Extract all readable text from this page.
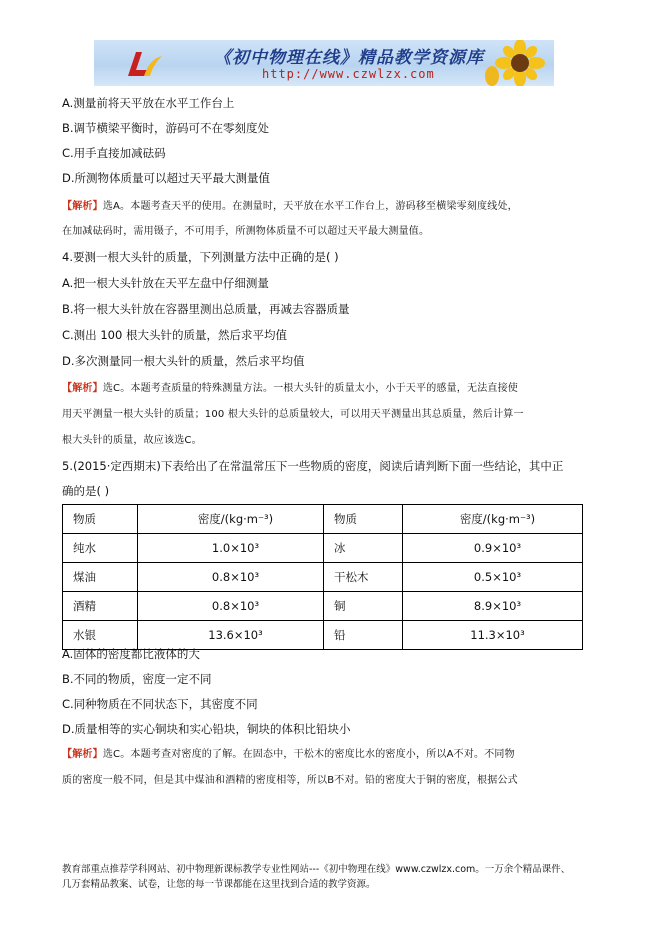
《初中物理在线》精品教学资源库
http://www.czwlzx.com
A.测量前将天平放在水平工作台上
B.调节横梁平衡时，游码可不在零刻度处
C.用手直接加减砝码
D.所测物体质量可以超过天平最大测量值
【解析】选A。本题考查天平的使用。在测量时，天平放在水平工作台上，游码移至横梁零刻度线处，
在加减砝码时，需用镊子，不可用手，所测物体质量不可以超过天平最大测量值。
4.要测一根大头针的质量，下列测量方法中正确的是( )
A.把一根大头针放在天平左盘中仔细测量
B.将一根大头针放在容器里测出总质量，再减去容器质量
C.测出 100 根大头针的质量，然后求平均值
D.多次测量同一根大头针的质量，然后求平均值
【解析】选C。本题考查质量的特殊测量方法。一根大头针的质量太小，小于天平的感量，无法直接使
用天平测量一根大头针的质量；100 根大头针的总质量较大，可以用天平测量出其总质量，然后计算一
根大头针的质量，故应该选C。
5.(2015·定西期末)下表给出了在常温常压下一些物质的密度，阅读后请判断下面一些结论，其中正
确的是( )
物质	密度/(kg·m⁻³)	物质	密度/(kg·m⁻³)
纯水	1.0×10³	冰	0.9×10³
煤油	0.8×10³	干松木	0.5×10³
酒精	0.8×10³	铜	8.9×10³
水银	13.6×10³	铅	11.3×10³
A.固体的密度都比液体的大
B.不同的物质，密度一定不同
C.同种物质在不同状态下，其密度不同
D.质量相等的实心铜块和实心铅块，铜块的体积比铅块小
【解析】选C。本题考查对密度的了解。在固态中，干松木的密度比水的密度小，所以A不对。不同物
质的密度一般不同，但是其中煤油和酒精的密度相等，所以B不对。铅的密度大于铜的密度，根据公式
教育部重点推荐学科网站、初中物理新课标教学专业性网站---《初中物理在线》www.czwlzx.com。一万余个精品课件、
几万套精品教案、试卷，让您的每一节课都能在这里找到合适的教学资源。
